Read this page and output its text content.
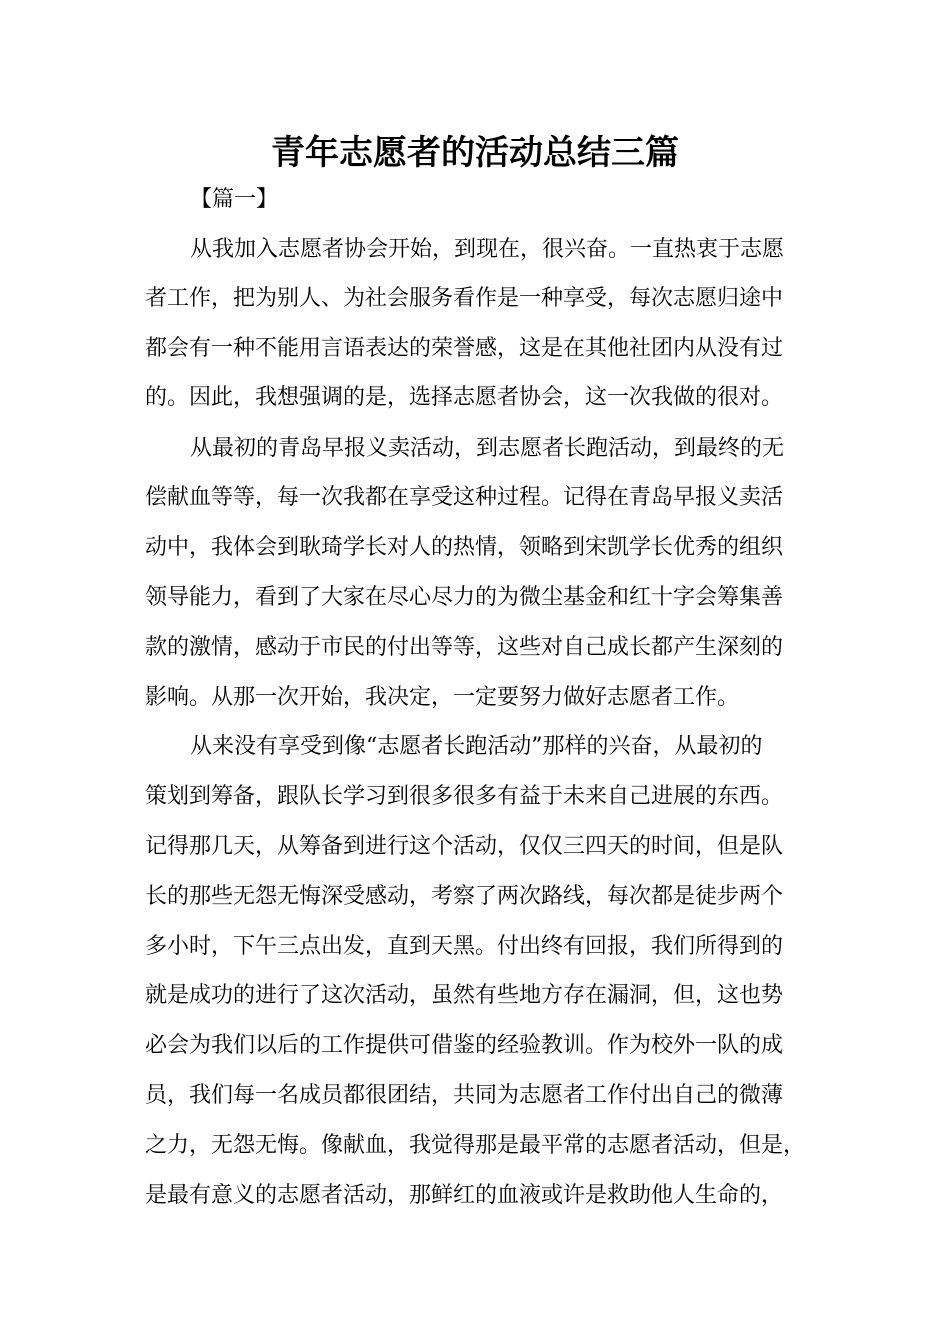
青年志愿者的活动总结三篇
【篇一】
从我加入志愿者协会开始，到现在，很兴奋。一直热衷于志愿
者工作，把为别人、为社会服务看作是一种享受，每次志愿归途中
都会有一种不能用言语表达的荣誉感，这是在其他社团内从没有过
的。因此，我想强调的是，选择志愿者协会，这一次我做的很对。
从最初的青岛早报义卖活动，到志愿者长跑活动，到最终的无
偿献血等等，每一次我都在享受这种过程。记得在青岛早报义卖活
动中，我体会到耿琦学长对人的热情，领略到宋凯学长优秀的组织
领导能力，看到了大家在尽心尽力的为微尘基金和红十字会筹集善
款的激情，感动于市民的付出等等，这些对自己成长都产生深刻的
影响。从那一次开始，我决定，一定要努力做好志愿者工作。
从来没有享受到像“志愿者长跑活动”那样的兴奋，从最初的
策划到筹备，跟队长学习到很多很多有益于未来自己进展的东西。
记得那几天，从筹备到进行这个活动，仅仅三四天的时间，但是队
长的那些无怨无悔深受感动，考察了两次路线，每次都是徒步两个
多小时，下午三点出发，直到天黑。付出终有回报，我们所得到的
就是成功的进行了这次活动，虽然有些地方存在漏洞，但，这也势
必会为我们以后的工作提供可借鉴的经验教训。作为校外一队的成
员，我们每一名成员都很团结，共同为志愿者工作付出自己的微薄
之力，无怨无悔。像献血，我觉得那是最平常的志愿者活动，但是，
是最有意义的志愿者活动，那鲜红的血液或许是救助他人生命的，
